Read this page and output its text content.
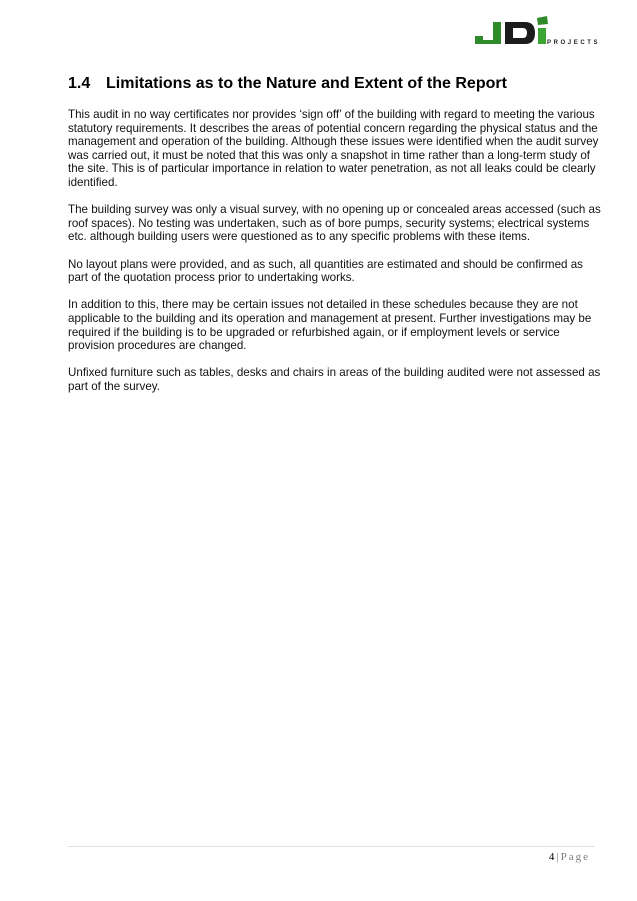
PROJECTS
1.4 Limitations as to the Nature and Extent of the Report

This audit in no way certificates nor provides ‘sign off’ of the building with regard to meeting the various statutory requirements. It describes the areas of potential concern regarding the physical status and the management and operation of the building. Although these issues were identified when the audit survey was carried out, it must be noted that this was only a snapshot in time rather than a long-term study of the site. This is of particular importance in relation to water penetration, as not all leaks could be clearly identified.

The building survey was only a visual survey, with no opening up or concealed areas accessed (such as roof spaces). No testing was undertaken, such as of bore pumps, security systems; electrical systems etc. although building users were questioned as to any specific problems with these items.

No layout plans were provided, and as such, all quantities are estimated and should be confirmed as part of the quotation process prior to undertaking works.

In addition to this, there may be certain issues not detailed in these schedules because they are not applicable to the building and its operation and management at present. Further investigations may be required if the building is to be upgraded or refurbished again, or if employment levels or service provision procedures are changed.

Unfixed furniture such as tables, desks and chairs in areas of the building audited were not assessed as part of the survey.

4 | Page
